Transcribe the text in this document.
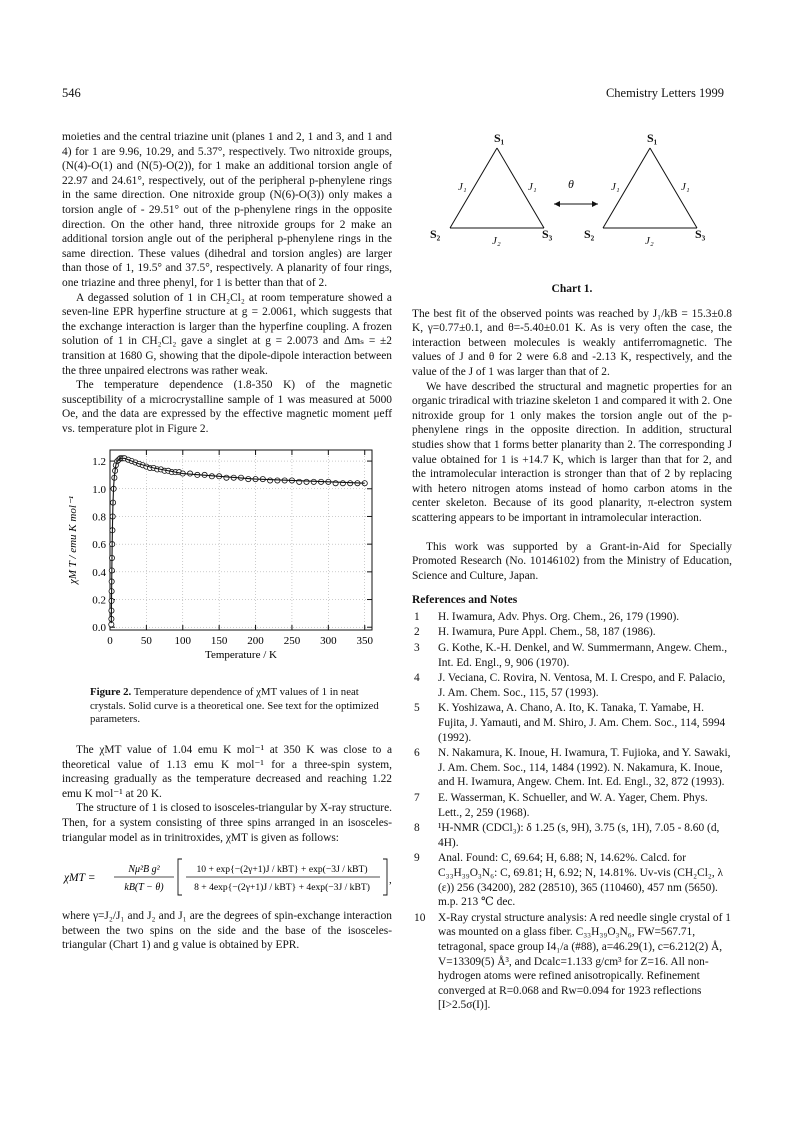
546	Chemistry Letters 1999

moieties and the central triazine unit (planes 1 and 2, 1 and 3, and 1 and 4) for 1 are 9.96, 10.29, and 5.37°, respectively. Two nitroxide groups, (N(4)-O(1) and (N(5)-O(2)), for 1 make an additional torsion angle of 22.97 and 24.61°, respectively, out of the peripheral p-phenylene rings in the same direction. One nitroxide group (N(6)-O(3)) only makes a torsion angle of - 29.51° out of the p-phenylene rings in the opposite direction. On the other hand, three nitroxide groups for 2 make an additional torsion angle out of the peripheral p-phenylene rings in the same direction. These values (dihedral and torsion angles) are larger than those of 1, 19.5° and 37.5°, respectively. A planarity of four rings, one triazine and three phenyl, for 1 is better than that of 2.

A degassed solution of 1 in CH₂Cl₂ at room temperature showed a seven-line EPR hyperfine structure at g = 2.0061, which suggests that the exchange interaction is larger than the hyperfine coupling. A frozen solution of 1 in CH₂Cl₂ gave a singlet at g = 2.0073 and Δmₛ = ±2 transition at 1680 G, showing that the dipole-dipole interaction between the three unpaired electrons was rather weak.

The temperature dependence (1.8-350 K) of the magnetic susceptibility of a microcrystalline sample of 1 was measured at 5000 Oe, and the data are expressed by the effective magnetic moment μeff vs. temperature plot in Figure 2.

0	50 100 150 200 250 300 350
0.0
0.2
0.4
0.6
0.8
1.0
1.2
Temperature / K
χM T / emu K mol⁻¹
Figure 2. Temperature dependence of χMT values of 1 in neat crystals. Solid curve is a theoretical one. See text for the optimized parameters.

The χMT value of 1.04 emu K mol⁻¹ at 350 K was close to a theoretical value of 1.13 emu K mol⁻¹ for a three-spin system, increasing gradually as the temperature decreased and reaching 1.22 emu K mol⁻¹ at 20 K.

The structure of 1 is closed to isosceles-triangular by X-ray structure. Then, for a system consisting of three spins arranged in an isosceles-triangular model as in trinitroxides, χMT is given as follows:

χMT =
Nμ²B g²
kB(T − θ)
10 + exp{−(2γ+1)J / kBT} + exp(−3J / kBT)
8 + 4exp{−(2γ+1)J / kBT} + 4exp(−3J / kBT)
,

where γ=J₂/J₁ and J₂ and J₁ are the degrees of spin-exchange interaction between the two spins on the side and the base of the isosceles-triangular (Chart 1) and g value is obtained by EPR.

S₁
S₂	S₃
J₁	J₁
J₂
θ
S₁
S₂	S₃
J₁	J₁
J₂
Chart 1.

The best fit of the observed points was reached by J₁/kB = 15.3±0.8 K, γ=0.77±0.1, and θ=-5.40±0.01 K. As is very often the case, the interaction between molecules is weakly antiferromagnetic. The values of J and θ for 2 were 6.8 and -2.13 K, respectively, and the value of the J of 1 was larger than that of 2.

We have described the structural and magnetic properties for an organic triradical with triazine skeleton 1 and compared it with 2. One nitroxide group for 1 only makes the torsion angle out of the p-phenylene rings in the opposite direction. In addition, structural studies show that 1 forms better planarity than 2. The corresponding J value obtained for 1 is +14.7 K, which is larger than that for 2, and the intramolecular interaction is stronger than that of 2 by replacing with hetero nitrogen atoms instead of homo carbon atoms in the center skeleton. Because of its good planarity, π-electron system scattering appears to be important in intramolecular interaction.

This work was supported by a Grant-in-Aid for Specially Promoted Research (No. 10146102) from the Ministry of Education, Science and Culture, Japan.

References and Notes
1 H. Iwamura, Adv. Phys. Org. Chem., 26, 179 (1990).
2 H. Iwamura, Pure Appl. Chem., 58, 187 (1986).
3 G. Kothe, K.-H. Denkel, and W. Summermann, Angew. Chem., Int. Ed. Engl., 9, 906 (1970).
4 J. Veciana, C. Rovira, N. Ventosa, M. I. Crespo, and F. Palacio, J. Am. Chem. Soc., 115, 57 (1993).
5 K. Yoshizawa, A. Chano, A. Ito, K. Tanaka, T. Yamabe, H. Fujita, J. Yamauti, and M. Shiro, J. Am. Chem. Soc., 114, 5994 (1992).
6 N. Nakamura, K. Inoue, H. Iwamura, T. Fujioka, and Y. Sawaki, J. Am. Chem. Soc., 114, 1484 (1992). N. Nakamura, K. Inoue, and H. Iwamura, Angew. Chem. Int. Ed. Engl., 32, 872 (1993).
7 E. Wasserman, K. Schueller, and W. A. Yager, Chem. Phys. Lett., 2, 259 (1968).
8 ¹H-NMR (CDCl₃): δ 1.25 (s, 9H), 3.75 (s, 1H), 7.05 - 8.60 (d, 4H).
9 Anal. Found: C, 69.64; H, 6.88; N, 14.62%. Calcd. for C₃₃H₃₉O₃N₆: C, 69.81; H, 6.92; N, 14.81%. Uv-vis (CH₂Cl₂, λ (ε)) 256 (34200), 282 (28510), 365 (110460), 457 nm (5650). m.p. 213 ℃ dec.
10 X-Ray crystal structure analysis: A red needle single crystal of 1 was mounted on a glass fiber. C₃₃H₃₉O₃N₆, FW=567.71, tetragonal, space group I4₁/a (#88), a=46.29(1), c=6.212(2) Å, V=13309(5) Å³, and Dcalc=1.133 g/cm³ for Z=16. All non-hydrogen atoms were refined anisotropically. Refinement converged at R=0.068 and Rw=0.094 for 1923 reflections [I>2.5σ(I)].
